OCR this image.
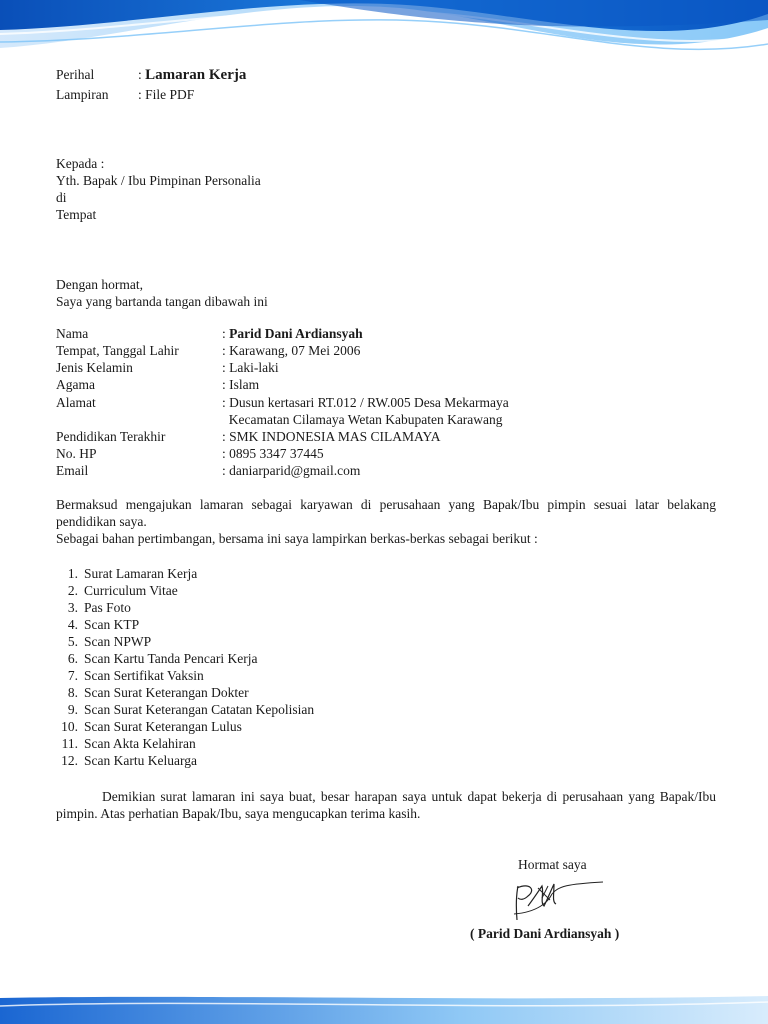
Perihal	: Lamaran Kerja
Lampiran : File PDF
Kepada :
Yth. Bapak / Ibu Pimpinan Personalia
di
Tempat
Dengan hormat,
Saya yang bartanda tangan dibawah ini
Nama	: Parid Dani Ardiansyah
Tempat, Tanggal Lahir	: Karawang, 07 Mei 2006
Jenis Kelamin	: Laki-laki
Agama	: Islam
Alamat	: Dusun kertasari RT.012 / RW.005 Desa Mekarmaya
Kecamatan Cilamaya Wetan Kabupaten Karawang
Pendidikan Terakhir	: SMK INDONESIA MAS CILAMAYA
No. HP	: 0895 3347 37445
Email	: daniarparid@gmail.com
Bermaksud mengajukan lamaran sebagai karyawan di perusahaan yang Bapak/Ibu pimpin sesuai latar belakang pendidikan saya.
Sebagai bahan pertimbangan, bersama ini saya lampirkan berkas-berkas sebagai berikut :
1. Surat Lamaran Kerja
2. Curriculum Vitae
3. Pas Foto
4. Scan KTP
5. Scan NPWP
6. Scan Kartu Tanda Pencari Kerja
7. Scan Sertifikat Vaksin
8. Scan Surat Keterangan Dokter
9. Scan Surat Keterangan Catatan Kepolisian
10. Scan Surat Keterangan Lulus
11. Scan Akta Kelahiran
12. Scan Kartu Keluarga
Demikian surat lamaran ini saya buat, besar harapan saya untuk dapat bekerja di perusahaan yang Bapak/Ibu pimpin. Atas perhatian Bapak/Ibu, saya mengucapkan terima kasih.
Hormat saya
( Parid Dani Ardiansyah )
